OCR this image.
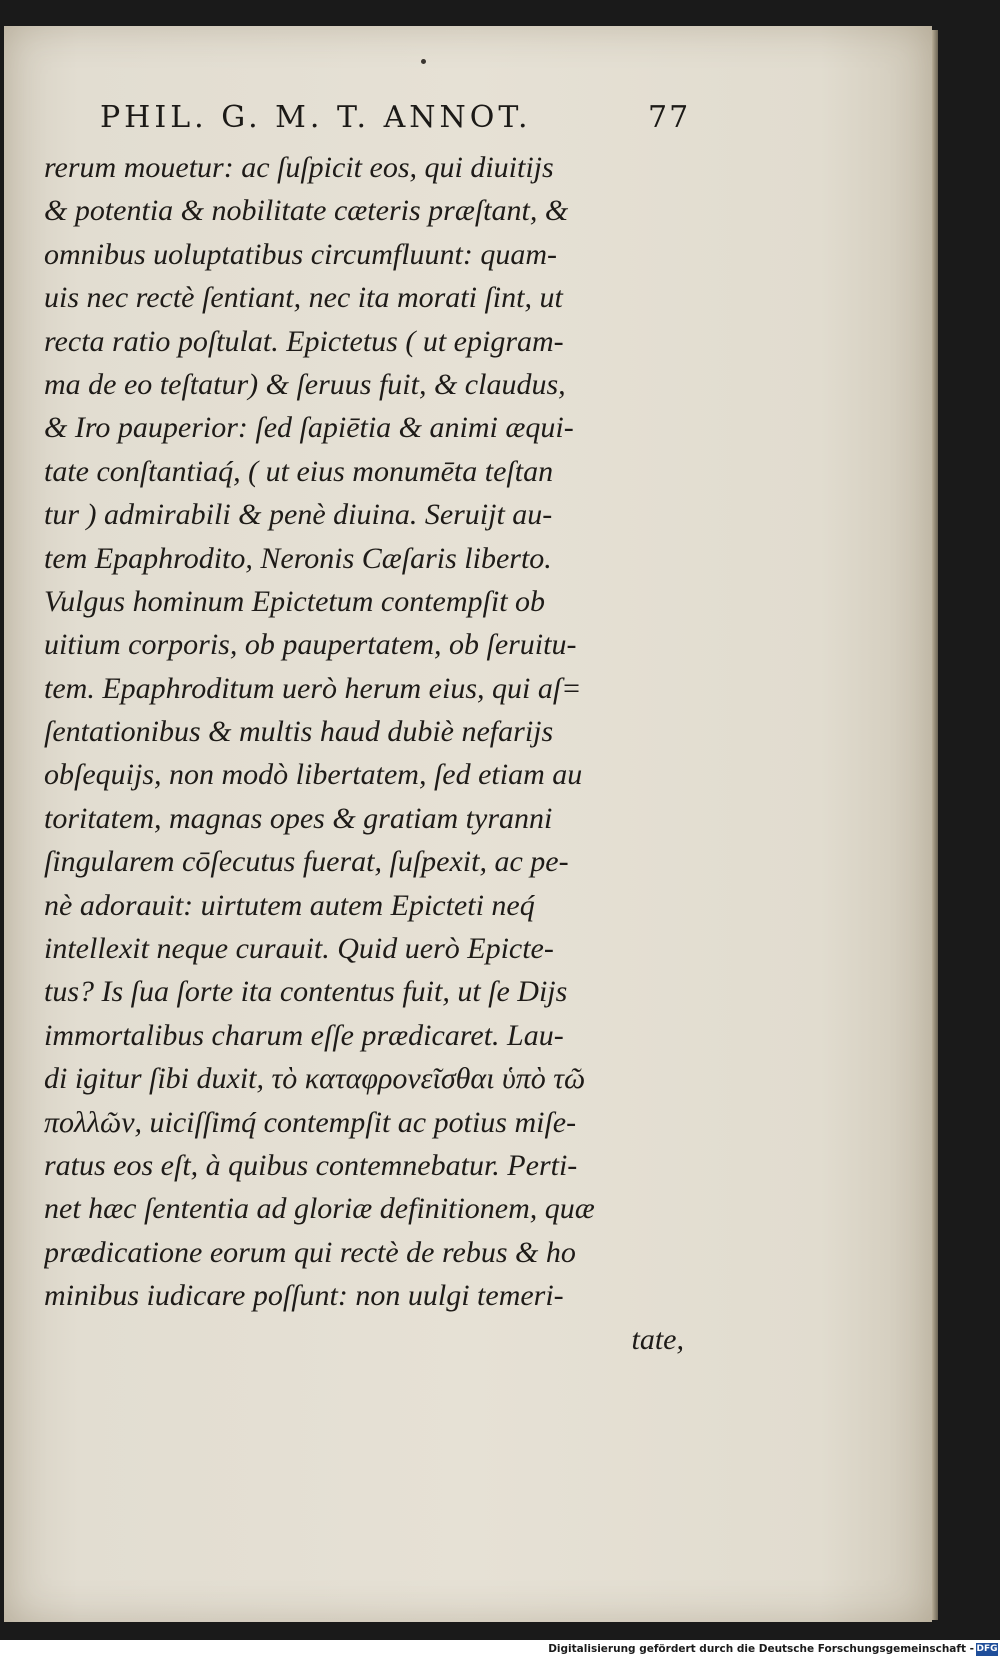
PHIL. G. M. T. ANNOT.	77
rerum mouetur: ac ſuſpicit eos, qui diuitijs
& potentia & nobilitate cæteris præſtant, &
omnibus uoluptatibus circumfluunt: quam-
uis nec rectè ſentiant, nec ita morati ſint, ut
recta ratio poſtulat. Epictetus ( ut epigram-
ma de eo teſtatur) & ſeruus fuit, & claudus,
& Iro pauperior: ſed ſapiētia & animi æqui-
tate conſtantiaq́, ( ut eius monumēta teſtan
tur ) admirabili & penè diuina. Seruijt au-
tem Epaphrodito, Neronis Cæſaris liberto.
Vulgus hominum Epictetum contempſit ob
uitium corporis, ob paupertatem, ob ſeruitu-
tem. Epaphroditum uerò herum eius, qui aſ=
ſentationibus & multis haud dubiè nefarijs
obſequijs, non modò libertatem, ſed etiam au
toritatem, magnas opes & gratiam tyranni
ſingularem cōſecutus fuerat, ſuſpexit, ac pe-
nè adorauit: uirtutem autem Epicteti neq́
intellexit neque curauit. Quid uerò Epicte-
tus? Is ſua ſorte ita contentus fuit, ut ſe Dijs
immortalibus charum eſſe prædicaret. Lau-
di igitur ſibi duxit, τὸ καταφρονεῖσθαι ὑπὸ τῶ
πολλῶν, uiciſſimq́ contempſit ac potius miſe-
ratus eos eſt, à quibus contemnebatur. Perti-
net hæc ſententia ad gloriæ definitionem, quæ
prædicatione eorum qui rectè de rebus & ho
minibus iudicare poſſunt: non uulgi temeri-
tate,
Digitalisierung gefördert durch die Deutsche Forschungsgemeinschaft - DFG
